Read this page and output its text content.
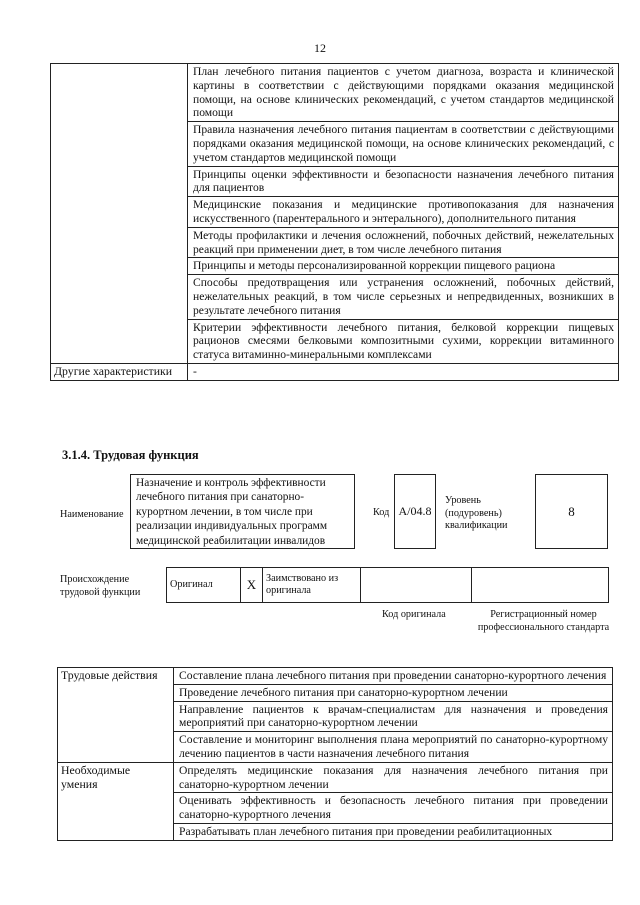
12
	План лечебного питания пациентов с учетом диагноза, возраста и клинической картины в соответствии с действующими порядками оказания медицинской помощи, на основе клинических рекомендаций, с учетом стандартов медицинской помощи
	Правила назначения лечебного питания пациентам в соответствии с действующими порядками оказания медицинской помощи, на основе клинических рекомендаций, с учетом стандартов медицинской помощи
	Принципы оценки эффективности и безопасности назначения лечебного питания для пациентов
	Медицинские показания и медицинские противопоказания для назначения искусственного (парентерального и энтерального), дополнительного питания
	Методы профилактики и лечения осложнений, побочных действий, нежелательных реакций при применении диет, в том числе лечебного питания
	Принципы и методы персонализированной коррекции пищевого рациона
	Способы предотвращения или устранения осложнений, побочных действий, нежелательных реакций, в том числе серьезных и непредвиденных, возникших в результате лечебного питания
	Критерии эффективности лечебного питания, белковой коррекции пищевых рационов смесями белковыми композитными сухими, коррекции витаминного статуса витаминно-минеральными комплексами
Другие характеристики	-
3.1.4. Трудовая функция
Наименование
Назначение и контроль эффективности лечебного питания при санаторно-курортном лечении, в том числе при реализации индивидуальных программ медицинской реабилитации инвалидов
Код A/04.8
Уровень (подуровень) квалификации
8
Происхождение трудовой функции
Оригинал	X	Заимствовано из оригинала		
Код оригинала	Регистрационный номер профессионального стандарта
Трудовые действия	Составление плана лечебного питания при проведении санаторно-курортного лечения
	Проведение лечебного питания при санаторно-курортном лечении
	Направление пациентов к врачам-специалистам для назначения и проведения мероприятий при санаторно-курортном лечении
	Составление и мониторинг выполнения плана мероприятий по санаторно-курортному лечению пациентов в части назначения лечебного питания
Необходимые умения	Определять медицинские показания для назначения лечебного питания при санаторно-курортном лечении
	Оценивать эффективность и безопасность лечебного питания при проведении санаторно-курортного лечения
	Разрабатывать план лечебного питания при проведении реабилитационных
